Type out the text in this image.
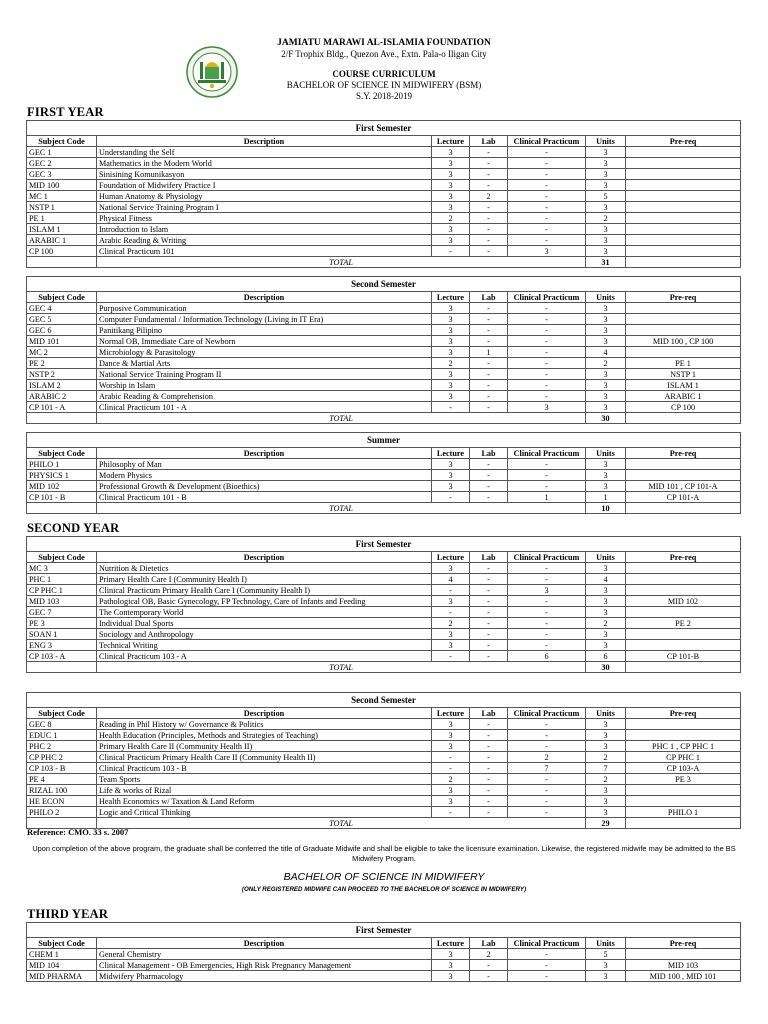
JAMIATU MARAWI AL-ISLAMIA FOUNDATION
2/F Trophix Bldg., Quezon Ave., Extn. Pala-o Iligan City
COURSE CURRICULUM
BACHELOR OF SCIENCE IN MIDWIFERY (BSM)
S.Y. 2018-2019
FIRST YEAR
First Semester						
Subject Code	Description	Lecture	Lab	Clinical Practicum	Units	Pre-req
GEC 1	Understanding the Self	3	-	-	3	
GEC 2	Mathematics in the Modern World	3	-	-	3	
GEC 3	Sinisining Komunikasyon	3	-	-	3	
MID 100	Foundation of Midwifery Practice I	3	-	-	3	
MC 1	Human Anatomy & Physiology	3	2	-	5	
NSTP 1	National Service Training Program I	3	-	-	3	
PE 1	Physical Fitness	2	-	-	2	
ISLAM 1	Introduction to Islam	3	-	-	3	
ARABIC 1	Arabic Reading & Writing	3	-	-	3	
CP 100	Clinical Practicum 101	-	-	3	3	
	TOTAL				31	
Second Semester						
Subject Code	Description	Lecture	Lab	Clinical Practicum	Units	Pre-req
GEC 4	Purposive Communication	3	-	-	3	
GEC 5	Computer Fundamental / Information Technology (Living in IT Era)	3	-	-	3	
GEC 6	Panitikang Pilipino	3	-	-	3	
MID 101	Normal OB, Immediate Care of Newborn	3	-	-	3	MID 100 , CP 100
MC 2	Microbiology & Parasitology	3	1	-	4	
PE 2	Dance & Martial Arts	2	-	-	2	PE 1
NSTP 2	National Service Training Program II	3	-	-	3	NSTP 1
ISLAM 2	Worship in Islam	3	-	-	3	ISLAM 1
ARABIC 2	Arabic Reading & Comprehension	3	-	-	3	ARABIC 1
CP 101 - A	Clinical Practicum 101 - A	-	-	3	3	CP 100
	TOTAL				30	
Summer						
Subject Code	Description	Lecture	Lab	Clinical Practicum	Units	Pre-req
PHILO 1	Philosophy of Man	3	-	-	3	
PHYSICS 1	Modern Physics	3	-	-	3	
MID 102	Professional Growth & Development (Bioethics)	3	-	-	3	MID 101 , CP 101-A
CP 101 - B	Clinical Practicum 101 - B	-	-	1	1	CP 101-A
	TOTAL				10	
SECOND YEAR
First Semester						
Subject Code	Description	Lecture	Lab	Clinical Practicum	Units	Pre-req
MC 3	Nutrition & Dietetics	3	-	-	3	
PHC 1	Primary Health Care I (Community Health I)	4	-	-	4	
CP PHC 1	Clinical Practicum Primary Health Care I (Community Health I)	-	-	3	3	
MID 103	Pathological OB, Basic Gynecology, FP Technology, Care of Infants and Feeding	3	-	-	3	MID 102
GEC 7	The Contemporary World	-	-	-	3	
PE 3	Individual Dual Sports	2	-	-	2	PE 2
SOAN 1	Sociology and Anthropology	3	-	-	3	
ENG 3	Technical Writing	3	-	-	3	
CP 103 - A	Clinical Practicum 103 - A	-	-	6	6	CP 101-B
	TOTAL				30	
Second Semester						
Subject Code	Description	Lecture	Lab	Clinical Practicum	Units	Pre-req
GEC 8	Reading in Phil History w/ Governance & Politics	3	-	-	3	
EDUC 1	Health Education (Principles, Methods and Strategies of Teaching)	3	-	-	3	
PHC 2	Primary Health Care II (Community Health II)	3	-	-	3	PHC 1 , CP PHC 1
CP PHC 2	Clinical Practicum Primary Health Care II (Community Health II)	-	-	2	2	CP PHC 1
CP 103 - B	Clinical Practicum 103 - B	-	-	7	7	CP 103-A
PE 4	Team Sports	2	-	-	2	PE 3
RIZAL 100	Life & works of Rizal	3	-	-	3	
HE ECON	Health Economics w/ Taxation & Land Reform	3	-	-	3	
PHILO 2	Logic and Critical Thinking	-	-	-	3	PHILO 1
	TOTAL				29	
Reference: CMO. 33 s. 2007
Upon completion of the above program, the graduate shall be conferred the title of Graduate Midwife and shall be eligible to take the licensure examination. Likewise, the registered midwife may be admitted to the BS Midwifery Program.
BACHELOR OF SCIENCE IN MIDWIFERY
(ONLY REGISTERED MIDWIFE CAN PROCEED TO THE BACHELOR OF SCIENCE IN MIDWIFERY)
THIRD YEAR
First Semester						
Subject Code	Description	Lecture	Lab	Clinical Practicum	Units	Pre-req
CHEM 1	General Chemistry	3	2	-	5	
MID 104	Clinical Management - OB Emergencies, High Risk Pregnancy Management	3	-	-	3	MID 103
MID PHARMA	Midwifery Pharmacology	3	-	-	3	MID 100 , MID 101
